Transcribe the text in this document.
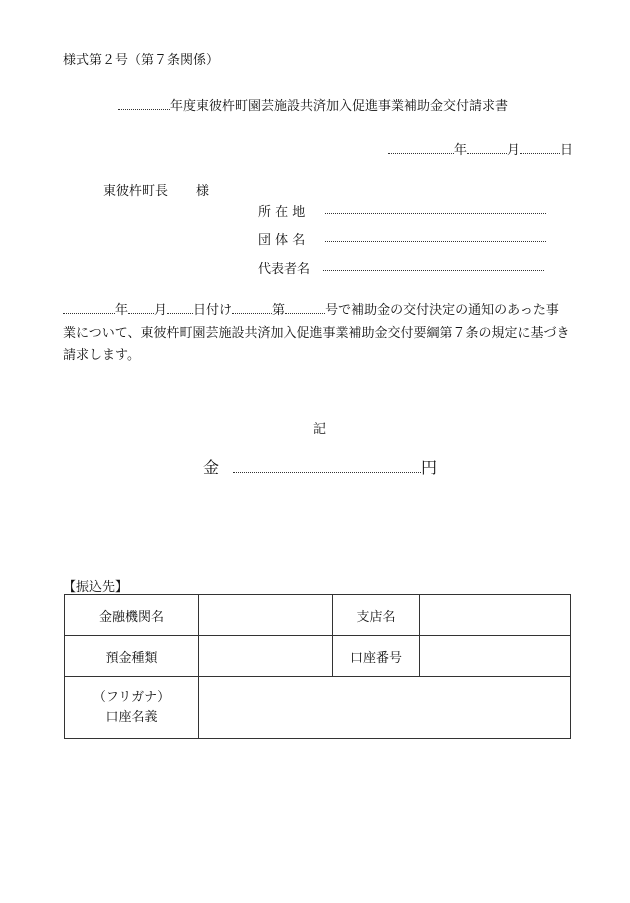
様式第２号（第７条関係）
年度東彼杵町園芸施設共済加入促進事業補助金交付請求書
年	月	日
東彼杵町長 様
所 在 地
団 体 名
代表者名
年 月 日付け	第	号で補助金の交付決定の通知のあった事
業について、東彼杵町園芸施設共済加入促進事業補助金交付要綱第７条の規定に基づき
請求します。
記
金	円
【振込先】
金融機関名		支店名	
預金種類		口座番号	

（フリガナ）
口座名義			
